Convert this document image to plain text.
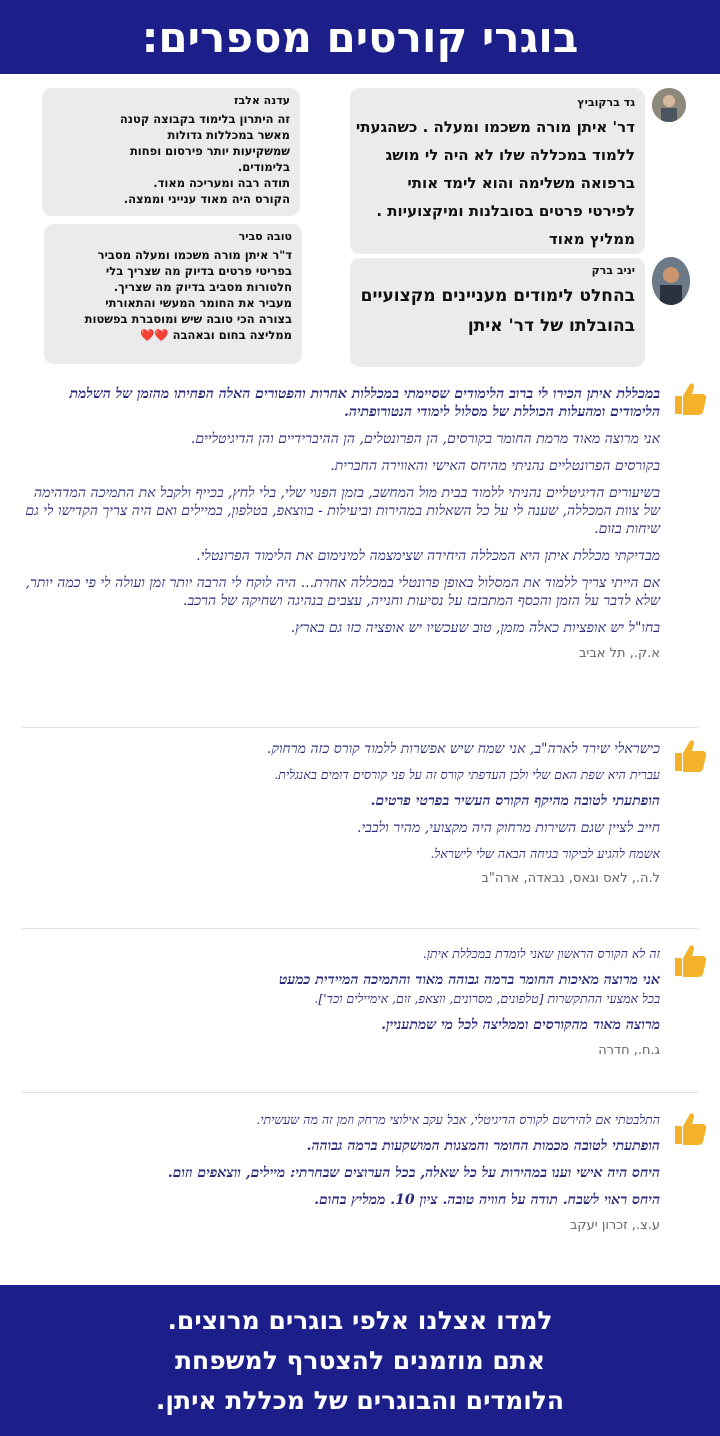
בוגרי קורסים מספרים:
גד ברקוביץ
דר' איתן מורה משכמו ומעלה . כשהגעתי
ללמוד במכללה שלו לא היה לי מושג
ברפואה משלימה והוא לימד אותי
לפירטי פרטים בסובלנות ומיקצועיות .
ממליץ מאוד
יניב ברק
בהחלט לימודים מעניינים מקצועיים
בהובלתו של דר' איתן
עדנה אלבז
זה היתרון בלימוד בקבוצה קטנה
מאשר במכללות גדולות
שמשקיעות יותר פירסום ופחות
בלימודים.
תודה רבה ומעריכה מאוד.
הקורס היה מאוד ענייני וממצה.
טובה סביר
ד"ר איתן מורה משכמו ומעלה מסביר
בפריטי פרטים בדיוק מה שצריך בלי
חלטורות מסביב בדיוק מה שצריך.
מעביר את החומר המעשי והתאורתי
בצורה הכי טובה שיש ומוסברת בפשטות
ממליצה בחום ובאהבה ❤️❤️

במכללת איתן הכירו לי ברוב הלימודים שסיימתי במכללות אחרות והפטורים האלה הפחיתו מהזמן של השלמת הלימודים ומהעלות הכוללת של מסלול לימודי הנטורופתיה.

אני מרוצה מאוד מרמת החומר בקורסים, הן הפרונטלים, הן ההיברידיים והן הדיגיטליים.

בקורסים הפרונטליים נהניתי מהיחס האישי והאווירה החברית.

בשיעורים הדיגיטליים נהניתי ללמוד בבית מול המחשב, בזמן הפנוי שלי, בלי לחץ, בכייף ולקבל את התמיכה המדהימה של צוות המכללה, שענה לי על כל השאלות במהירות וביעילות - בווצאפ, בטלפון, במיילים ואם היה צריך הקדישו לי גם שיחות בזום.

מבדיקתי מכללת איתן היא המכללה היחידה שצימצמה למינימום את הלימוד הפרונטלי.

אם הייתי צריך ללמוד את המסלול באופן פרונטלי במכללה אחרת... היה לוקח לי הרבה יותר זמן ועולה לי פי כמה יותר, שלא לדבר על הזמן והכסף המתבזבז על נסיעות וחנייה, עצבים בנהיגה ושחיקה של הרכב.

בחו"ל יש אופציות כאלה מזמן, טוב שעכשיו יש אופציה כזו גם בארץ.

א.ק., תל אביב

כישראלי שירד לארה"ב, אני שמח שיש אפשרות ללמוד קורס כזה מרחוק.

עברית היא שפת האם שלי ולכן העדפתי קורס זה על פני קורסים דומים באנגלית.

הופתעתי לטובה מהיקף הקורס העשיר בפרטי פרטים.

חייב לציין שגם השירות מרחוק היה מקצועי, מהיר ולבבי.

אשמח להגיע לביקור בגיחה הבאה שלי לישראל.

ל.ה., לאס וגאס, נבאדה, ארה"ב

זה לא הקורס הראשון שאני לומדת במכללת איתן.

אני מרוצה מאיכות החומר ברמה גבוהה מאוד והתמיכה המיידית כמעט

בכל אמצעי ההתקשרות [טלפונים, מסרונים, ווצאפ, זום, אימיילים וכד'].

מרוצה מאוד מהקורסים וממליצה לכל מי שמתעניין.

ג.ח., חדרה

התלבטתי אם להירשם לקורס הדיגיטלי, אבל עקב אילוצי מרחק וזמן זה מה שעשיתי.

הופתעתי לטובה מכמות החומר והמצגות המושקעות ברמה גבוהה.

היחס היה אישי וענו במהירות על כל שאלה, בכל הערוצים שבחרתי: מיילים, ווצאפים וזום.

היחס ראוי לשבח. תודה על חוויה טובה. ציון 10. ממליץ בחום.

ע.צ., זכרון יעקב
למדו אצלנו אלפי בוגרים מרוצים.
אתם מוזמנים להצטרף למשפחת
הלומדים והבוגרים של מכללת איתן.
